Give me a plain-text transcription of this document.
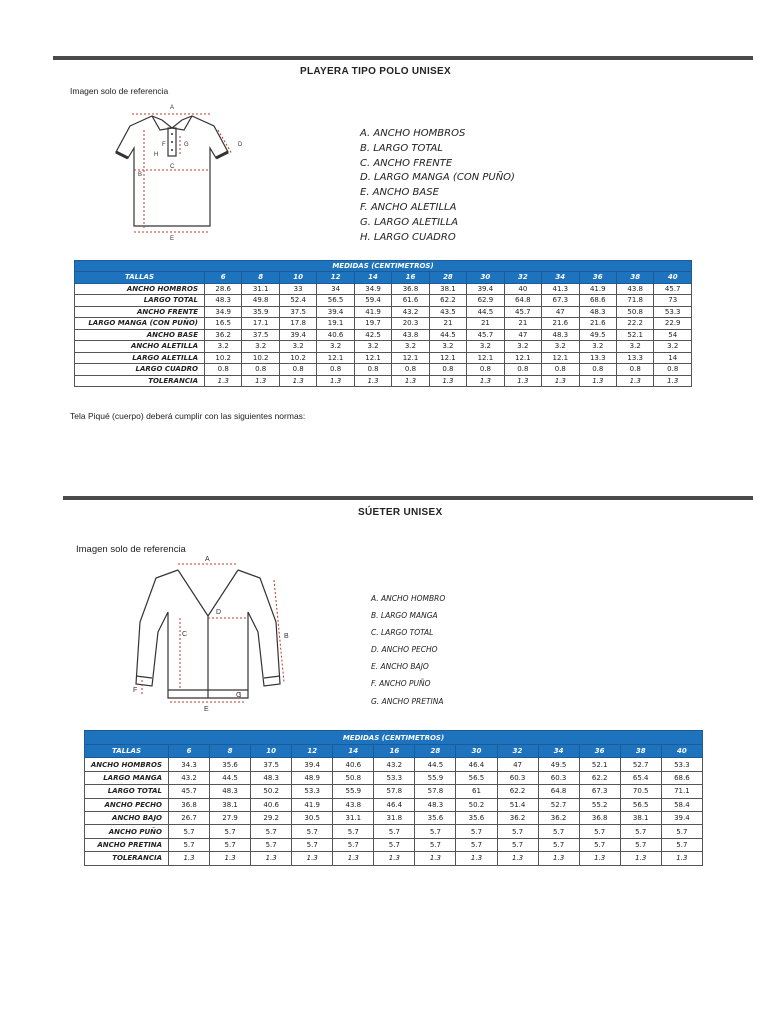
PLAYERA TIPO POLO UNISEX
Imagen solo de referencia
A
B
C
D
E
F	G
H
A. ANCHO HOMBROS
B. LARGO TOTAL
C. ANCHO FRENTE
D. LARGO MANGA (CON PUÑO)
E. ANCHO BASE
F. ANCHO ALETILLA
G. LARGO ALETILLA
H. LARGO CUADRO
MEDIDAS (CENTIMETROS)													
TALLAS	6	8	10	12	14	16	28	30	32	34	36	38	40
ANCHO HOMBROS	28.6	31.1	33	34	34.9	36.8	38.1	39.4	40	41.3	41.9	43.8	45.7
LARGO TOTAL	48.3	49.8	52.4	56.5	59.4	61.6	62.2	62.9	64.8	67.3	68.6	71.8	73
ANCHO FRENTE	34.9	35.9	37.5	39.4	41.9	43.2	43.5	44.5	45.7	47	48.3	50.8	53.3
LARGO MANGA (CON PUÑO)	16.5	17.1	17.8	19.1	19.7	20.3	21	21	21	21.6	21.6	22.2	22.9
ANCHO BASE	36.2	37.5	39.4	40.6	42.5	43.8	44.5	45.7	47	48.3	49.5	52.1	54
ANCHO ALETILLA	3.2	3.2	3.2	3.2	3.2	3.2	3.2	3.2	3.2	3.2	3.2	3.2	3.2
LARGO ALETILLA	10.2	10.2	10.2	12.1	12.1	12.1	12.1	12.1	12.1	12.1	13.3	13.3	14
LARGO CUADRO	0.8	0.8	0.8	0.8	0.8	0.8	0.8	0.8	0.8	0.8	0.8	0.8	0.8
TOLERANCIA	1.3	1.3	1.3	1.3	1.3	1.3	1.3	1.3	1.3	1.3	1.3	1.3	1.3
Tela Piqué (cuerpo) deberá cumplir con las siguientes normas:
SÚETER UNISEX
Imagen solo de referencia
A
B
C
D
E
F
G
A. ANCHO HOMBRO
B. LARGO MANGA
C. LARGO TOTAL
D. ANCHO PECHO
E. ANCHO BAJO
F. ANCHO PUÑO
G. ANCHO PRETINA
MEDIDAS (CENTIMETROS)													
TALLAS	6	8	10	12	14	16	28	30	32	34	36	38	40
ANCHO HOMBROS	34.3	35.6	37.5	39.4	40.6	43.2	44.5	46.4	47	49.5	52.1	52.7	53.3
LARGO MANGA	43.2	44.5	48.3	48.9	50.8	53.3	55.9	56.5	60.3	60.3	62.2	65.4	68.6
LARGO TOTAL	45.7	48.3	50.2	53.3	55.9	57.8	57.8	61	62.2	64.8	67.3	70.5	71.1
ANCHO PECHO	36.8	38.1	40.6	41.9	43.8	46.4	48.3	50.2	51.4	52.7	55.2	56.5	58.4
ANCHO BAJO	26.7	27.9	29.2	30.5	31.1	31.8	35.6	35.6	36.2	36.2	36.8	38.1	39.4
ANCHO PUÑO	5.7	5.7	5.7	5.7	5.7	5.7	5.7	5.7	5.7	5.7	5.7	5.7	5.7
ANCHO PRETINA	5.7	5.7	5.7	5.7	5.7	5.7	5.7	5.7	5.7	5.7	5.7	5.7	5.7
TOLERANCIA	1.3	1.3	1.3	1.3	1.3	1.3	1.3	1.3	1.3	1.3	1.3	1.3	1.3
